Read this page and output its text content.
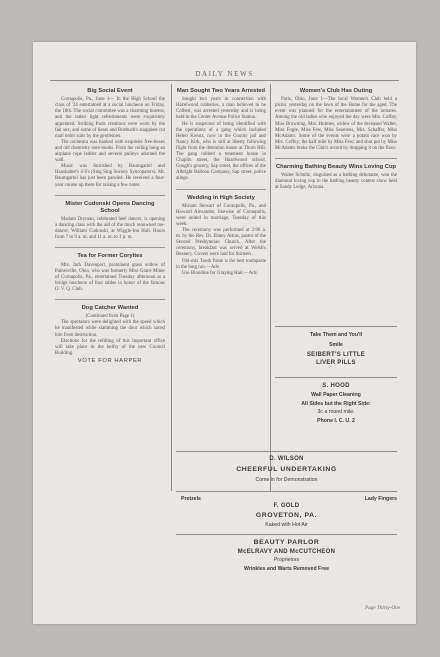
DAILY NEWS
Big Social Event

Cornapolis, Pa., June 1— In the High School the class of '24 entertained at a social luncheon on Friday, the 18th. The social committee was a charming hostess, and the rather light refreshments were exquisitely appointed. Striking Paris creations were worn by the fair sex, and some of Sears and Roebuck's snappiest cut mail order suits by the gentlemen.

The orchestra was banked with exquisite free-boxes and old chemistry note-books. From the ceiling hung an airplane rope ladder and several pulleys adorned the wall.

Music was furnished by Baumgartel and Haushalter's 4 S's (Sing Sing Society Syncopators). Mr. Baumgartel has just been paroled. He received a four-year course up there for raising a few notes.

Mister Cudonski Opens Dancing School

Madam Dryman, celebrated heel dancer, is opening a dancing class with the aid of the much renowned toe-dancer, William Cudonski, at Wiggle-Inn Hall. Hours from 7 to 9 a. m. and 11 a. m. to 1 p. m.

Tea for Former Coryites

Mrs. Jack Davenport, prominent grass widow of Painesville, Ohio, who was formerly Miss Grace Miner of Cornapolis, Pa., entertained Tuesday afternoon at a bridge luncheon of four tables in honor of the famous D. V. Q. Club.

Dog Catcher Wanted

(Continued from Page 1)

The spectators were delighted with the speed which he manifested while slamming the door which saved him from destruction.

Elections for the refilling of this important office will take place in the belfry of the new Council Building.

VOTE FOR HARPER
Man Sought Two Years Arrested

Sought two years in connection with Hazelwood robberies, a man believed to be Colbert, was arrested yesterday and is being held in the Center Avenue Police Station.

He is suspected of being identified with the operations of a gang which included Helen Kreutz, now in the County jail and Nancy Kirk, who is still at liberty following flight from the detention house at Thorn Hill. The gang robbed a tenement house in Chaplin street, the Hazelwood school, Gough's grocery, Sap street, the offices of the Albright Balloon Company, Sap street, police allege.

Wedding in High Society

Miriam Stewart of Coraopolis, Pa., and Howard Alexander, likewise of Coraopolis, were united in marriage, Tuesday of this week.

The ceremony was performed at 2:00 a. m. by the Rev. Dr. Ebney Attras, pastor of the Second Presbyterian Church. After the ceremony, breakfast was served at Welsh's Beanery. Covers were laid for thirteen.

Old-mix Tooth Paste is the best toothpaste in the long run.—Adv.

Use Bloodine for Graying Hair.—Adv.

Women's Club Has Outing

Paris, Ohio, June 1—The local Women's Club held a picnic yesterday on the lawn of the Home for the aged. The event was planned for the entertainment of the inmates. Among the old ladies who enjoyed the day were Mrs. Coffey, Miss Browning, Mrs. Holmes, widow of the deceased Walter, Miss Fogle, Miss Few, Miss Seamens, Mrs. Schaffer, Miss McAdams. Some of the events were a potato race won by Mrs. Coffey; the half mile by Miss Few; and shot put by Miss McAdams broke the Club's record by dropping it on the floor.

Charming Bathing Beauty Wins Loving Cup

Walter Schultz, disguised as a bathing debutante, won the diamond loving cup in the bathing beauty contest show held at Sandy Ledge, Arizona.

Take Them and You'll
Smile
SEIBERT'S LITTLE
LIVER PILLS
S. HOOD
Wall Paper Cleaning
All Sides but the Right Side:
3c a round mile.
Phone I. C. U. 2
D. WILSON
CHEERFUL UNDERTAKING
Come in for Demonstration
Pretzels	Lady Fingers
F. GOLD
GROVETON, PA.
Kaked with Hot Air
BEAUTY PARLOR
McELRAVY AND McCUTCHEON
Proprietors
Wrinkles and Warts Removed Free
Page Thirty-One
